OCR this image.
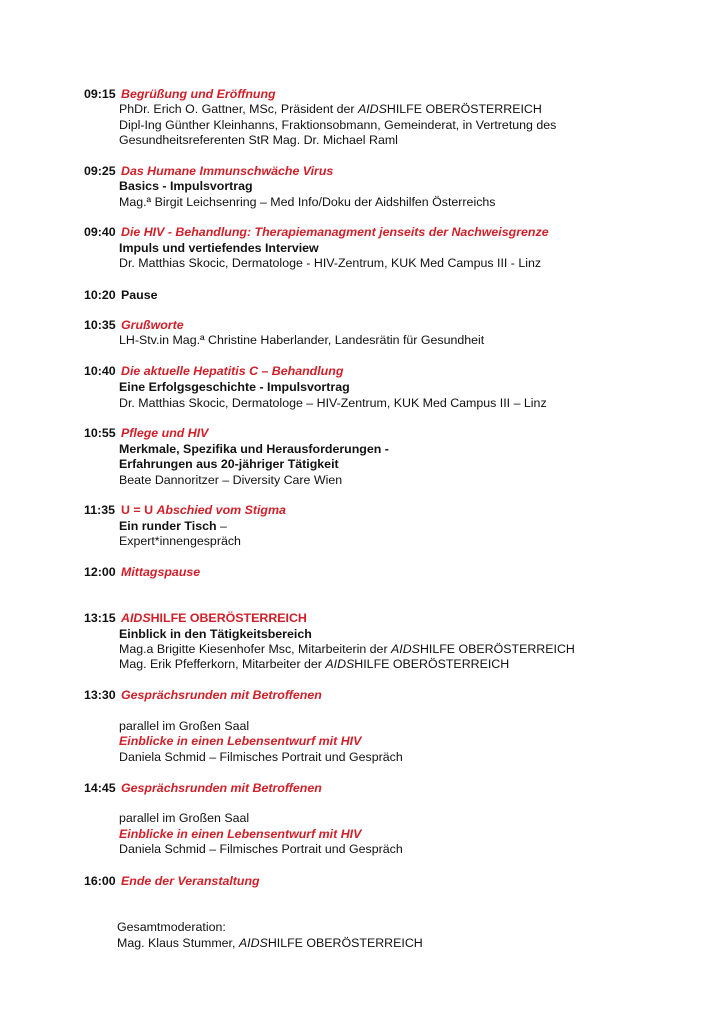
09:15 Begrüßung und Eröffnung
PhDr. Erich O. Gattner, MSc, Präsident der AIDSHILFE OBERÖSTERREICH
Dipl-Ing Günther Kleinhanns, Fraktionsobmann, Gemeinderat, in Vertretung des
Gesundheitsreferenten StR Mag. Dr. Michael Raml
09:25 Das Humane Immunschwäche Virus
Basics - Impulsvortrag
Mag.ª Birgit Leichsenring – Med Info/Doku der Aidshilfen Österreichs
09:40 Die HIV - Behandlung: Therapiemanagment jenseits der Nachweisgrenze
Impuls und vertiefendes Interview
Dr. Matthias Skocic, Dermatologe - HIV-Zentrum, KUK Med Campus III - Linz
10:20 Pause
10:35 Grußworte
LH-Stv.in Mag.ª Christine Haberlander, Landesrätin für Gesundheit
10:40 Die aktuelle Hepatitis C – Behandlung
Eine Erfolgsgeschichte - Impulsvortrag
Dr. Matthias Skocic, Dermatologe – HIV-Zentrum, KUK Med Campus III – Linz
10:55 Pflege und HIV
Merkmale, Spezifika und Herausforderungen -
Erfahrungen aus 20-jähriger Tätigkeit
Beate Dannoritzer – Diversity Care Wien
11:35 U = U Abschied vom Stigma
Ein runder Tisch –
Expert*innengespräch
12:00 Mittagspause
13:15 AIDSHILFE OBERÖSTERREICH
Einblick in den Tätigkeitsbereich
Mag.a Brigitte Kiesenhofer Msc, Mitarbeiterin der AIDSHILFE OBERÖSTERREICH
Mag. Erik Pfefferkorn, Mitarbeiter der AIDSHILFE OBERÖSTERREICH
13:30 Gesprächsrunden mit Betroffenen
parallel im Großen Saal
Einblicke in einen Lebensentwurf mit HIV
Daniela Schmid – Filmisches Portrait und Gespräch
14:45 Gesprächsrunden mit Betroffenen
parallel im Großen Saal
Einblicke in einen Lebensentwurf mit HIV
Daniela Schmid – Filmisches Portrait und Gespräch
16:00 Ende der Veranstaltung
Gesamtmoderation:
Mag. Klaus Stummer, AIDSHILFE OBERÖSTERREICH
